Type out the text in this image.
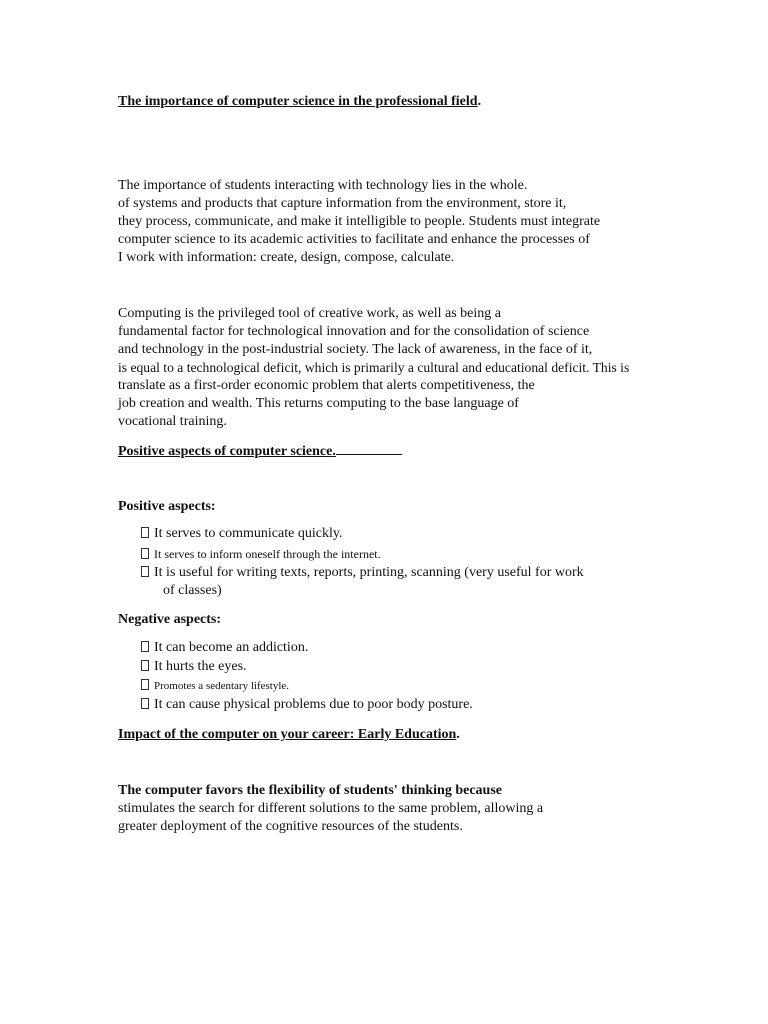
The importance of computer science in the professional field.

The importance of students interacting with technology lies in the whole.
of systems and products that capture information from the environment, store it,
they process, communicate, and make it intelligible to people. Students must integrate
computer science to its academic activities to facilitate and enhance the processes of
I work with information: create, design, compose, calculate.

Computing is the privileged tool of creative work, as well as being a
fundamental factor for technological innovation and for the consolidation of science
and technology in the post-industrial society. The lack of awareness, in the face of it,
is equal to a technological deficit, which is primarily a cultural and educational deficit. This is
translate as a first-order economic problem that alerts competitiveness, the
job creation and wealth. This returns computing to the base language of
vocational training.

Positive aspects of computer science.

Positive aspects:

It serves to communicate quickly.
It serves to inform oneself through the internet.
It is useful for writing texts, reports, printing, scanning (very useful for work
of classes)

Negative aspects:

It can become an addiction.
It hurts the eyes.
Promotes a sedentary lifestyle.
It can cause physical problems due to poor body posture.

Impact of the computer on your career: Early Education.

The computer favors the flexibility of students' thinking because
stimulates the search for different solutions to the same problem, allowing a
greater deployment of the cognitive resources of the students.
